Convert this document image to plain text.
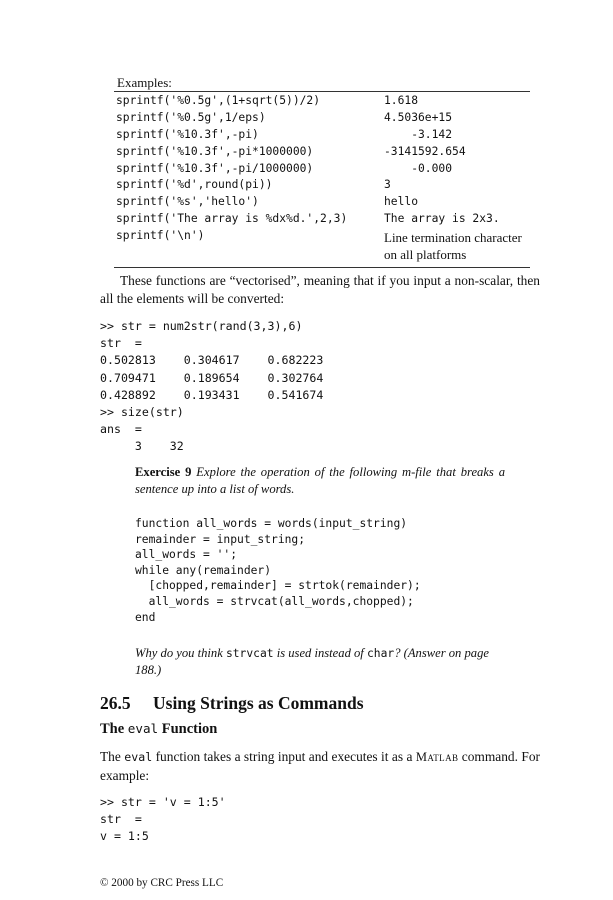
Examples:
sprintf('%0.5g',(1+sqrt(5))/2)	1.618
sprintf('%0.5g',1/eps)	4.5036e+15
sprintf('%10.3f',-pi)	-3.142
sprintf('%10.3f',-pi*1000000)	-3141592.654
sprintf('%10.3f',-pi/1000000)	-0.000
sprintf('%d',round(pi))	3
sprintf('%s','hello')	hello
sprintf('The array is %dx%d.',2,3)	The array is 2x3.
sprintf('\n')	Line termination character on all platforms
These functions are “vectorised”, meaning that if you input a non-scalar, then all the elements will be converted:
>> str = num2str(rand(3,3),6)
str  =
0.502813    0.304617    0.682223
0.709471    0.189654    0.302764
0.428892    0.193431    0.541674
>> size(str)
ans  =
3    32
Exercise 9 Explore the operation of the following m-file that breaks a sentence up into a list of words.
function all_words = words(input_string)
remainder = input_string;
all_words = '';
while any(remainder)
[chopped,remainder] = strtok(remainder);
all_words = strvcat(all_words,chopped);
end
Why do you think strvcat is used instead of char? (Answer on page 188.)
26.5 Using Strings as Commands
The eval Function
The eval function takes a string input and executes it as a Matlab command. For example:
>> str = 'v = 1:5'
str  =
v = 1:5
© 2000 by CRC Press LLC
